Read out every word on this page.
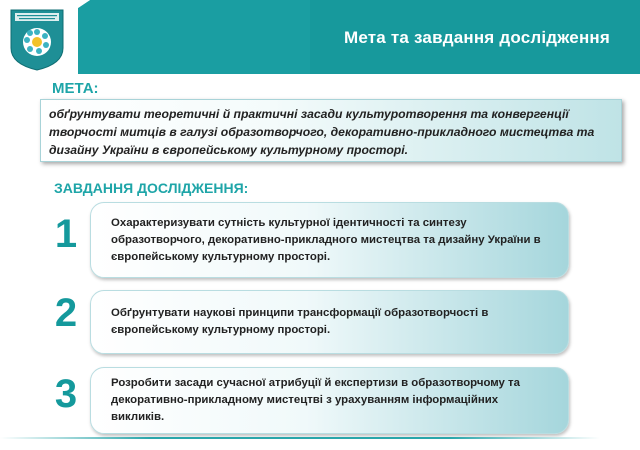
Мета та завдання дослідження
МЕТА:
обґрунтувати теоретичні й практичні засади культуротворення та конвергенції творчості митців в галузі образотворчого, декоративно-прикладного мистецтва та дизайну України в європейському культурному просторі.
ЗАВДАННЯ ДОСЛІДЖЕННЯ:
1	Охарактеризувати сутність культурної ідентичності та синтезу образотворчого, декоративно-прикладного мистецтва та дизайну України в європейському культурному просторі.
2	Обґрунтувати наукові принципи трансформації образотворчості в європейському культурному просторі.
3	Розробити засади сучасної атрибуції й експертизи в образотворчому та декоративно-прикладному мистецтві з урахуванням інформаційних викликів.
